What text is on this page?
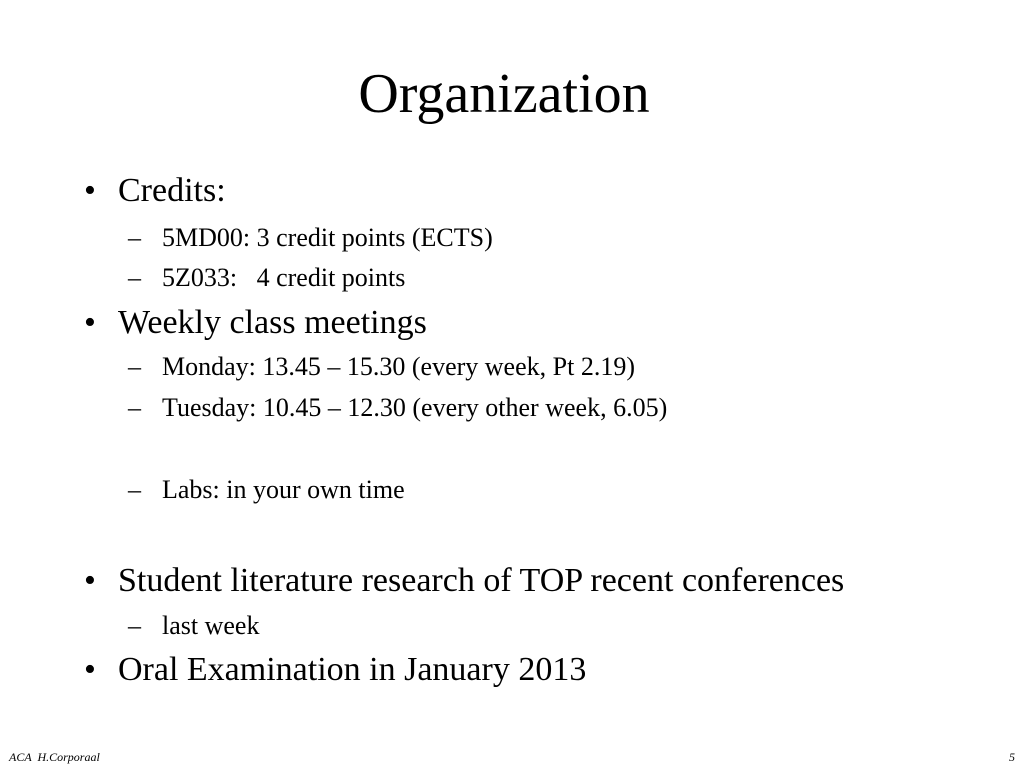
Organization
• Credits:
– 5MD00: 3 credit points (ECTS)
– 5Z033:   4 credit points
• Weekly class meetings
– Monday: 13.45 – 15.30 (every week, Pt 2.19)
– Tuesday: 10.45 – 12.30 (every other week, 6.05)
– Labs: in your own time
• Student literature research of TOP recent conferences
– last week
• Oral Examination in January 2013
ACA  H.Corporaal	5
